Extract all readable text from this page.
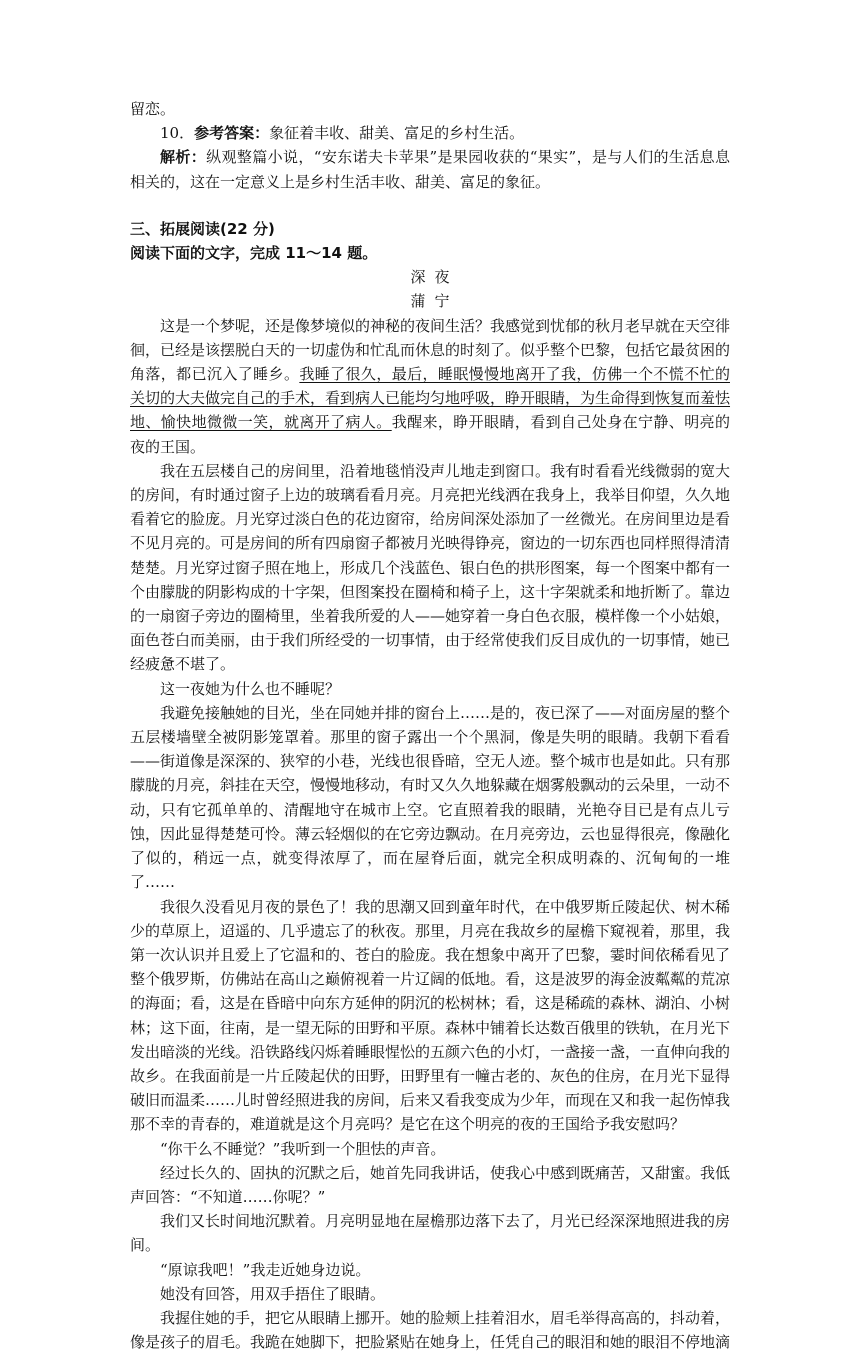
留恋。

10．参考答案：象征着丰收、甜美、富足的乡村生活。

解析：纵观整篇小说，“安东诺夫卡苹果”是果园收获的“果实”，是与人们的生活息息相关的，这在一定意义上是乡村生活丰收、甜美、富足的象征。

三、拓展阅读(22 分)

阅读下面的文字，完成 11～14 题。

深夜

蒲宁

这是一个梦呢，还是像梦境似的神秘的夜间生活？我感觉到忧郁的秋月老早就在天空徘徊，已经是该摆脱白天的一切虚伪和忙乱而休息的时刻了。似乎整个巴黎，包括它最贫困的角落，都已沉入了睡乡。我睡了很久，最后，睡眠慢慢地离开了我，仿佛一个不慌不忙的关切的大夫做完自己的手术，看到病人已能均匀地呼吸，睁开眼睛，为生命得到恢复而羞怯地、愉快地微微一笑，就离开了病人。我醒来，睁开眼睛，看到自己处身在宁静、明亮的夜的王国。

我在五层楼自己的房间里，沿着地毯悄没声儿地走到窗口。我有时看看光线微弱的宽大的房间，有时通过窗子上边的玻璃看看月亮。月亮把光线洒在我身上，我举目仰望，久久地看着它的脸庞。月光穿过淡白色的花边窗帘，给房间深处添加了一丝微光。在房间里边是看不见月亮的。可是房间的所有四扇窗子都被月光映得铮亮，窗边的一切东西也同样照得清清楚楚。月光穿过窗子照在地上，形成几个浅蓝色、银白色的拱形图案，每一个图案中都有一个由朦胧的阴影构成的十字架，但图案投在圈椅和椅子上，这十字架就柔和地折断了。靠边的一扇窗子旁边的圈椅里，坐着我所爱的人——她穿着一身白色衣服，模样像一个小姑娘，面色苍白而美丽，由于我们所经受的一切事情，由于经常使我们反目成仇的一切事情，她已经疲惫不堪了。

这一夜她为什么也不睡呢？

我避免接触她的目光，坐在同她并排的窗台上……是的，夜已深了——对面房屋的整个五层楼墙壁全被阴影笼罩着。那里的窗子露出一个个黑洞，像是失明的眼睛。我朝下看看——街道像是深深的、狭窄的小巷，光线也很昏暗，空无人迹。整个城市也是如此。只有那朦胧的月亮，斜挂在天空，慢慢地移动，有时又久久地躲藏在烟雾般飘动的云朵里，一动不动，只有它孤单单的、清醒地守在城市上空。它直照着我的眼睛，光艳夺目已是有点儿亏蚀，因此显得楚楚可怜。薄云轻烟似的在它旁边飘动。在月亮旁边，云也显得很亮，像融化了似的，稍远一点，就变得浓厚了，而在屋脊后面，就完全积成明森的、沉甸甸的一堆了……

我很久没看见月夜的景色了！我的思潮又回到童年时代，在中俄罗斯丘陵起伏、树木稀少的草原上，迢遥的、几乎遗忘了的秋夜。那里，月亮在我故乡的屋檐下窥视着，那里，我第一次认识并且爱上了它温和的、苍白的脸庞。我在想象中离开了巴黎，霎时间依稀看见了整个俄罗斯，仿佛站在高山之巅俯视着一片辽阔的低地。看，这是波罗的海金波粼粼的荒凉的海面；看，这是在昏暗中向东方延伸的阴沉的松树林；看，这是稀疏的森林、湖泊、小树林；这下面，往南，是一望无际的田野和平原。森林中铺着长达数百俄里的铁轨，在月光下发出暗淡的光线。沿铁路线闪烁着睡眼惺忪的五颜六色的小灯，一盏接一盏，一直伸向我的故乡。在我面前是一片丘陵起伏的田野，田野里有一幢古老的、灰色的住房，在月光下显得破旧而温柔……儿时曾经照进我的房间，后来又看我变成为少年，而现在又和我一起伤悼我那不幸的青春的，难道就是这个月亮吗？是它在这个明亮的夜的王国给予我安慰吗？

“你干么不睡觉？”我听到一个胆怯的声音。

经过长久的、固执的沉默之后，她首先同我讲话，使我心中感到既痛苦，又甜蜜。我低声回答：“不知道……你呢？”

我们又长时间地沉默着。月亮明显地在屋檐那边落下去了，月光已经深深地照进我的房间。

“原谅我吧！”我走近她身边说。

她没有回答，用双手捂住了眼睛。

我握住她的手，把它从眼睛上挪开。她的脸颊上挂着泪水，眉毛举得高高的，抖动着，像是孩子的眉毛。我跪在她脚下，把脸紧贴在她身上，任凭自己的眼泪和她的眼泪不停地滴
